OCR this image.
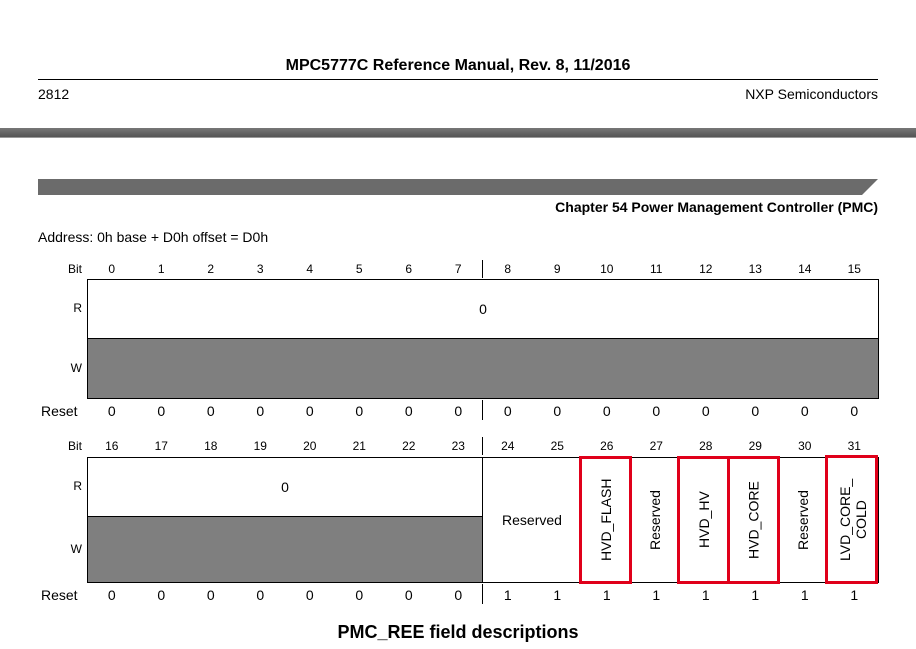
MPC5777C Reference Manual, Rev. 8, 11/2016
2812	NXP Semiconductors
Chapter 54 Power Management Controller (PMC)
Address: 0h base + D0h offset = D0h
Bit	0	1	2	3	4	5	6	7	8	9	10	11	12	13	14	15
R
W
0
Reset	0	0	0	0	0	0	0	0	0	0	0	0	0	0	0	0
Bit	16	17	18	19	20	21	22	23	24	25	26	27	28	29	30	31
R
W
0
Reserved	HVD_FLASH	Reserved	HVD_HV	HVD_CORE	Reserved	LVD_CORE_
COLD
Reset	0	0	0	0	0	0	0	0	1	1	1	1	1	1	1	1
PMC_REE field descriptions
